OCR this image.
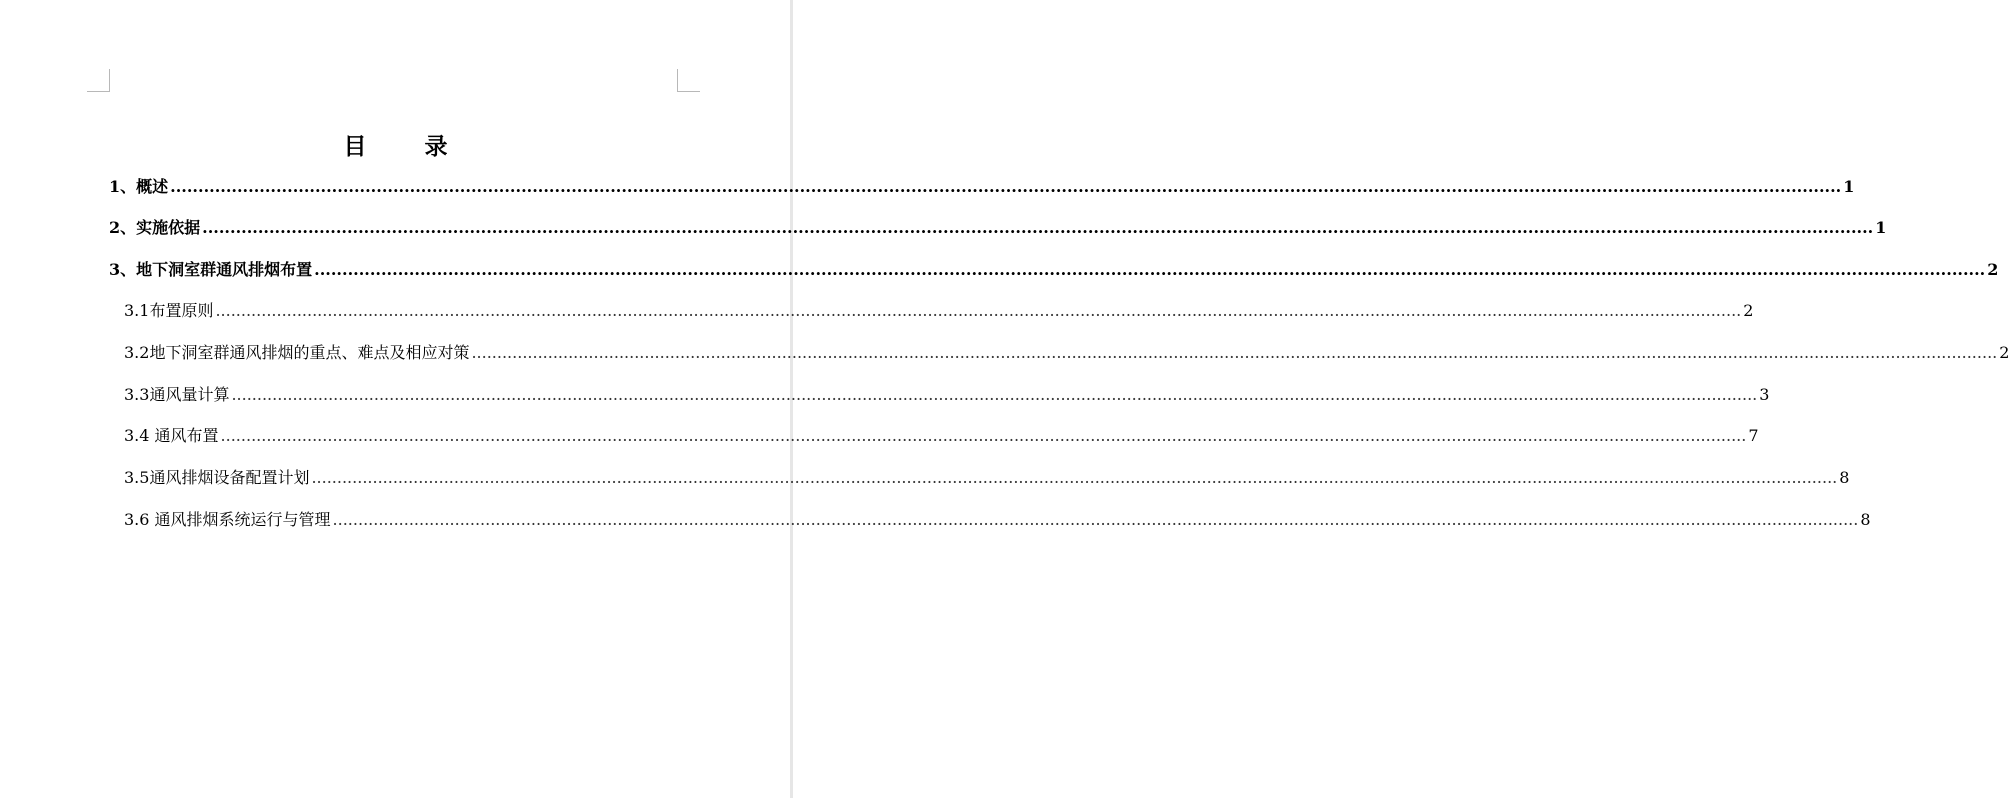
目 录
1、概述 ............................................................................................................................................................................................................................................................................................................ 1
2、实施依据 ............................................................................................................................................................................................................................................................................................................ 1
3、地下洞室群通风排烟布置 ............................................................................................................................................................................................................................................................................................................ 2
3.1布置原则 ............................................................................................................................................................................................................................................................................................................ 2
3.2地下洞室群通风排烟的重点、难点及相应对策 ............................................................................................................................................................................................................................................................................................................ 2
3.3通风量计算 ............................................................................................................................................................................................................................................................................................................ 3
3.4 通风布置 ............................................................................................................................................................................................................................................................................................................ 7
3.5通风排烟设备配置计划 ............................................................................................................................................................................................................................................................................................................ 8
3.6 通风排烟系统运行与管理 ............................................................................................................................................................................................................................................................................................................ 8
